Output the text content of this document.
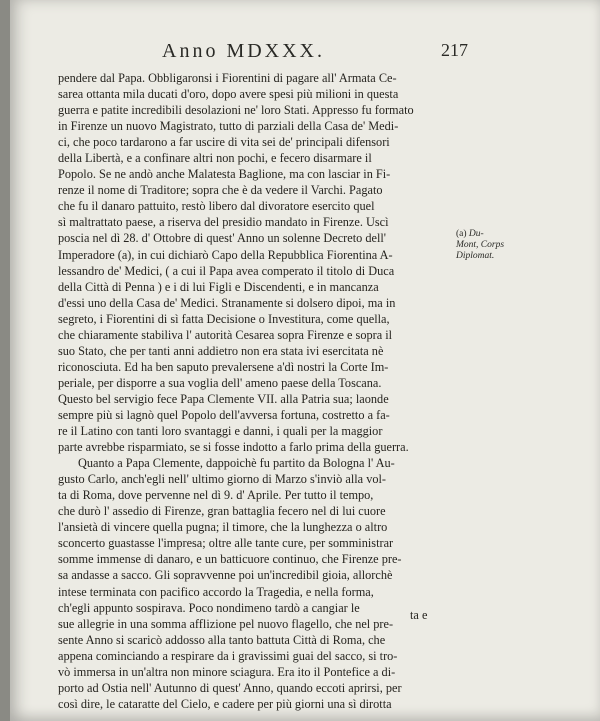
Anno MDXXX.	217
pendere dal Papa. Obbligaronsi i Fiorentini di pagare all' Armata Ce-
sarea ottanta mila ducati d'oro, dopo avere spesi più milioni in questa
guerra e patite incredibili desolazioni ne' loro Stati. Appresso fu formato
in Firenze un nuovo Magistrato, tutto di parziali della Casa de' Medi-
ci, che poco tardarono a far uscire di vita sei de' principali difensori
della Libertà, e a confinare altri non pochi, e fecero disarmare il
Popolo. Se ne andò anche Malatesta Baglione, ma con lasciar in Fi-
renze il nome di Traditore; sopra che è da vedere il Varchi. Pagato
che fu il danaro pattuito, restò libero dal divoratore esercito quel
sì maltrattato paese, a riserva del presidio mandato in Firenze. Uscì
poscia nel dì 28. d' Ottobre di quest' Anno un solenne Decreto dell'
Imperadore (a), in cui dichiarò Capo della Repubblica Fiorentina A-
lessandro de' Medici, ( a cui il Papa avea comperato il titolo di Duca
della Città di Penna ) e i di lui Figli e Discendenti, e in mancanza
d'essi uno della Casa de' Medici. Stranamente si dolsero dipoi, ma in
segreto, i Fiorentini di sì fatta Decisione o Investitura, come quella,
che chiaramente stabiliva l' autorità Cesarea sopra Firenze e sopra il
suo Stato, che per tanti anni addietro non era stata ivi esercitata nè
riconosciuta. Ed ha ben saputo prevalersene a'dì nostri la Corte Im-
periale, per disporre a sua voglia dell' ameno paese della Toscana.
Questo bel servigio fece Papa Clemente VII. alla Patria sua; laonde
sempre più si lagnò quel Popolo dell'avversa fortuna, costretto a fa-
re il Latino con tanti loro svantaggi e danni, i quali per la maggior
parte avrebbe risparmiato, se si fosse indotto a farlo prima della guerra.
Quanto a Papa Clemente, dappoichè fu partito da Bologna l' Au-
gusto Carlo, anch'egli nell' ultimo giorno di Marzo s'inviò alla vol-
ta di Roma, dove pervenne nel dì 9. d' Aprile. Per tutto il tempo,
che durò l' assedio di Firenze, gran battaglia fecero nel di lui cuore
l'ansietà di vincere quella pugna; il timore, che la lunghezza o altro
sconcerto guastasse l'impresa; oltre alle tante cure, per somministrar
somme immense di danaro, e un batticuore continuo, che Firenze pre-
sa andasse a sacco. Gli sopravvenne poi un'incredibil gioia, allorchè
intese terminata con pacifico accordo la Tragedia, e nella forma,
ch'egli appunto sospirava. Poco nondimeno tardò a cangiar le
sue allegrie in una somma afflizione pel nuovo flagello, che nel pre-
sente Anno si scaricò addosso alla tanto battuta Città di Roma, che
appena cominciando a respirare da i gravissimi guai del sacco, si tro-
vò immersa in un'altra non minore sciagura. Era ito il Pontefice a di-
porto ad Ostia nell' Autunno di quest' Anno, quando eccoti aprirsi, per
così dire, le cataratte del Cielo, e cadere per più giorni una sì dirotta
ta e
(a) Du-
Mont, Corps
Diplomat.
